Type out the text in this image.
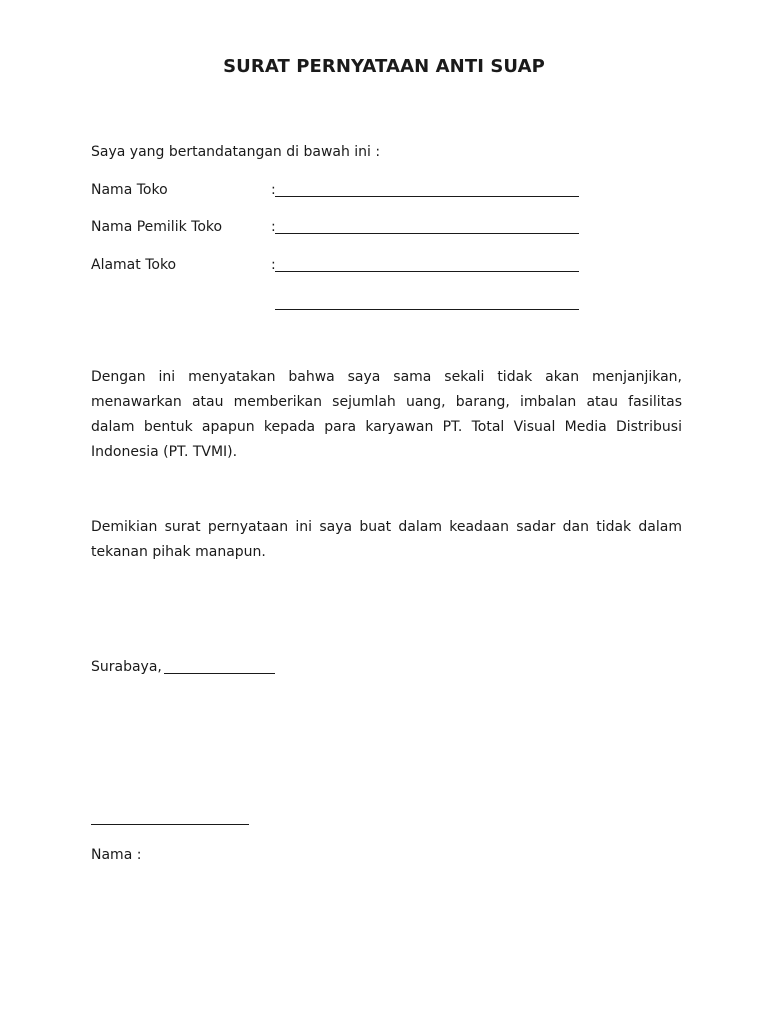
SURAT PERNYATAAN ANTI SUAP
Saya yang bertandatangan di bawah ini :
Nama Toko	:
Nama Pemilik Toko	:
Alamat Toko	:
Dengan ini menyatakan bahwa saya sama sekali tidak akan menjanjikan, menawarkan atau memberikan sejumlah uang, barang, imbalan atau fasilitas dalam bentuk apapun kepada para karyawan PT. Total Visual Media Distribusi Indonesia (PT. TVMI).
Demikian surat pernyataan ini saya buat dalam keadaan sadar dan tidak dalam tekanan pihak manapun.
Surabaya,
Nama :
